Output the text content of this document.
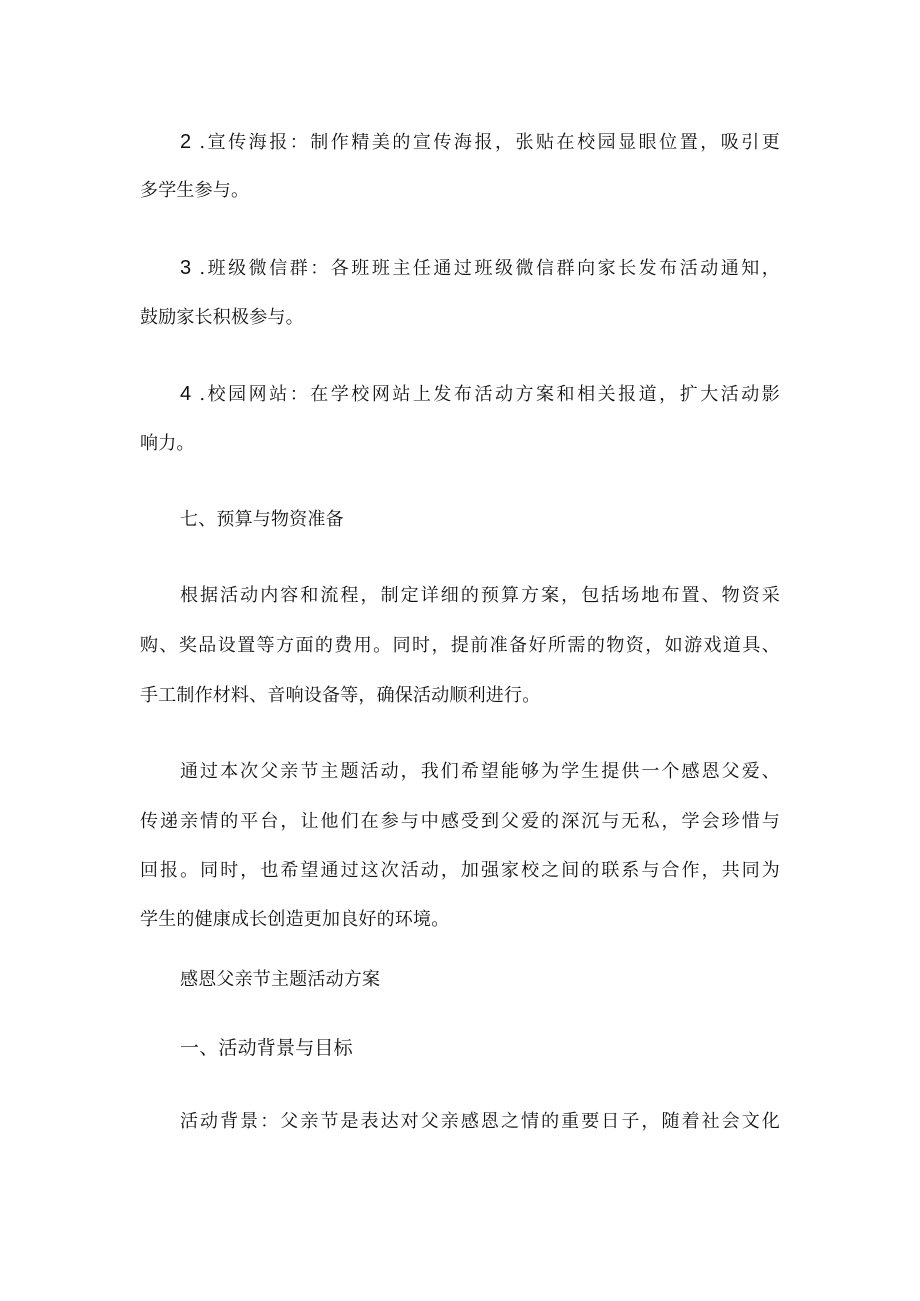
2 .宣传海报：制作精美的宣传海报，张贴在校园显眼位置，吸引更
多学生参与。
3 .班级微信群：各班班主任通过班级微信群向家长发布活动通知，
鼓励家长积极参与。
4 .校园网站：在学校网站上发布活动方案和相关报道，扩大活动影
响力。
七、预算与物资准备
根据活动内容和流程，制定详细的预算方案，包括场地布置、物资采
购、奖品设置等方面的费用。同时，提前准备好所需的物资，如游戏道具、
手工制作材料、音响设备等，确保活动顺利进行。
通过本次父亲节主题活动，我们希望能够为学生提供一个感恩父爱、
传递亲情的平台，让他们在参与中感受到父爱的深沉与无私，学会珍惜与
回报。同时，也希望通过这次活动，加强家校之间的联系与合作，共同为
学生的健康成长创造更加良好的环境。
感恩父亲节主题活动方案
一、活动背景与目标
活动背景：父亲节是表达对父亲感恩之情的重要日子，随着社会文化
